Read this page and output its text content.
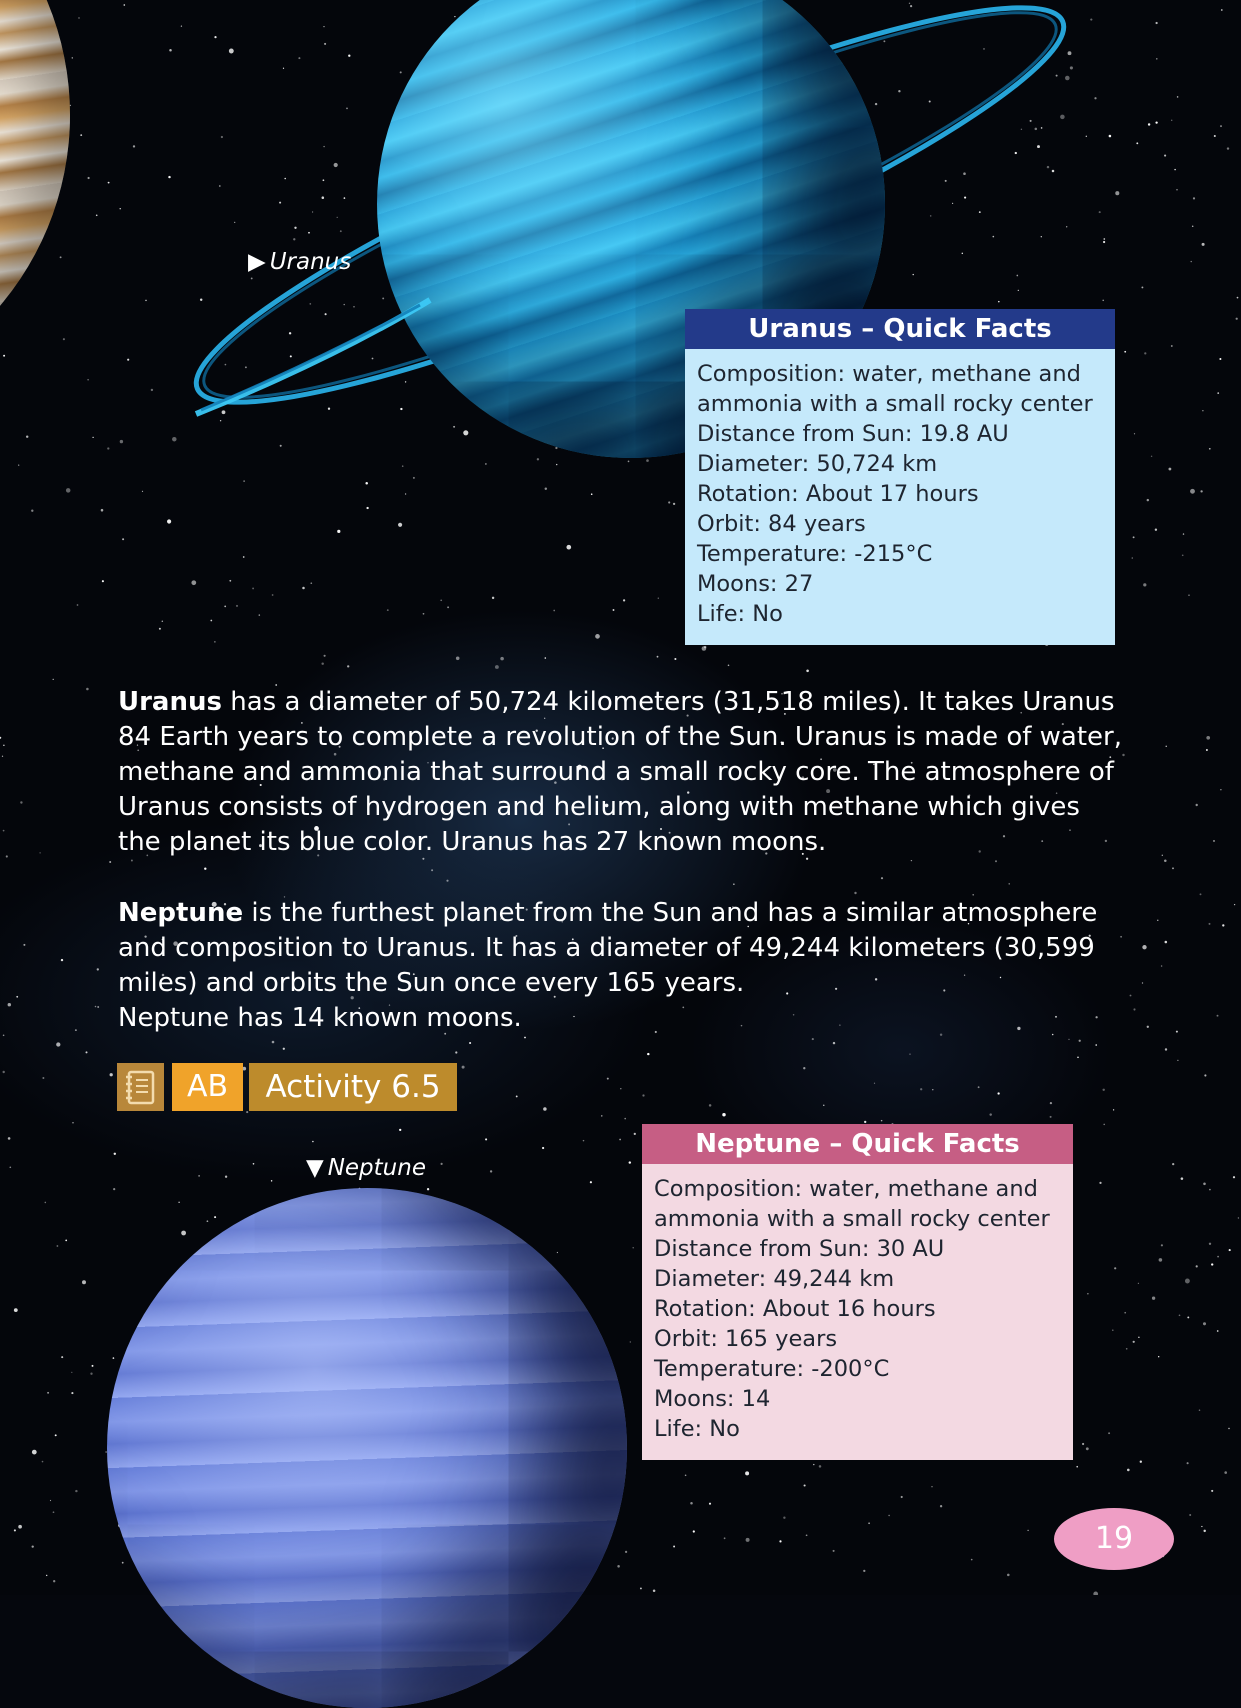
▶ Uranus
Uranus – Quick Facts
Composition: water, methane and
ammonia with a small rocky center
Distance from Sun: 19.8 AU
Diameter: 50,724 km
Rotation: About 17 hours
Orbit: 84 years
Temperature: -215°C
Moons: 27
Life: No
Uranus has a diameter of 50,724 kilometers (31,518 miles). It takes Uranus 84 Earth years to complete a revolution of the Sun. Uranus is made of water, methane and ammonia that surround a small rocky core. The atmosphere of Uranus consists of hydrogen and helium, along with methane which gives the planet its blue color. Uranus has 27 known moons.
Neptune is the furthest planet from the Sun and has a similar atmosphere and composition to Uranus. It has a diameter of 49,244 kilometers (30,599 miles) and orbits the Sun once every 165 years.
Neptune has 14 known moons.
AB	Activity 6.5
▼ Neptune
Neptune – Quick Facts
Composition: water, methane and
ammonia with a small rocky center
Distance from Sun: 30 AU
Diameter: 49,244 km
Rotation: About 16 hours
Orbit: 165 years
Temperature: -200°C
Moons: 14
Life: No
19
